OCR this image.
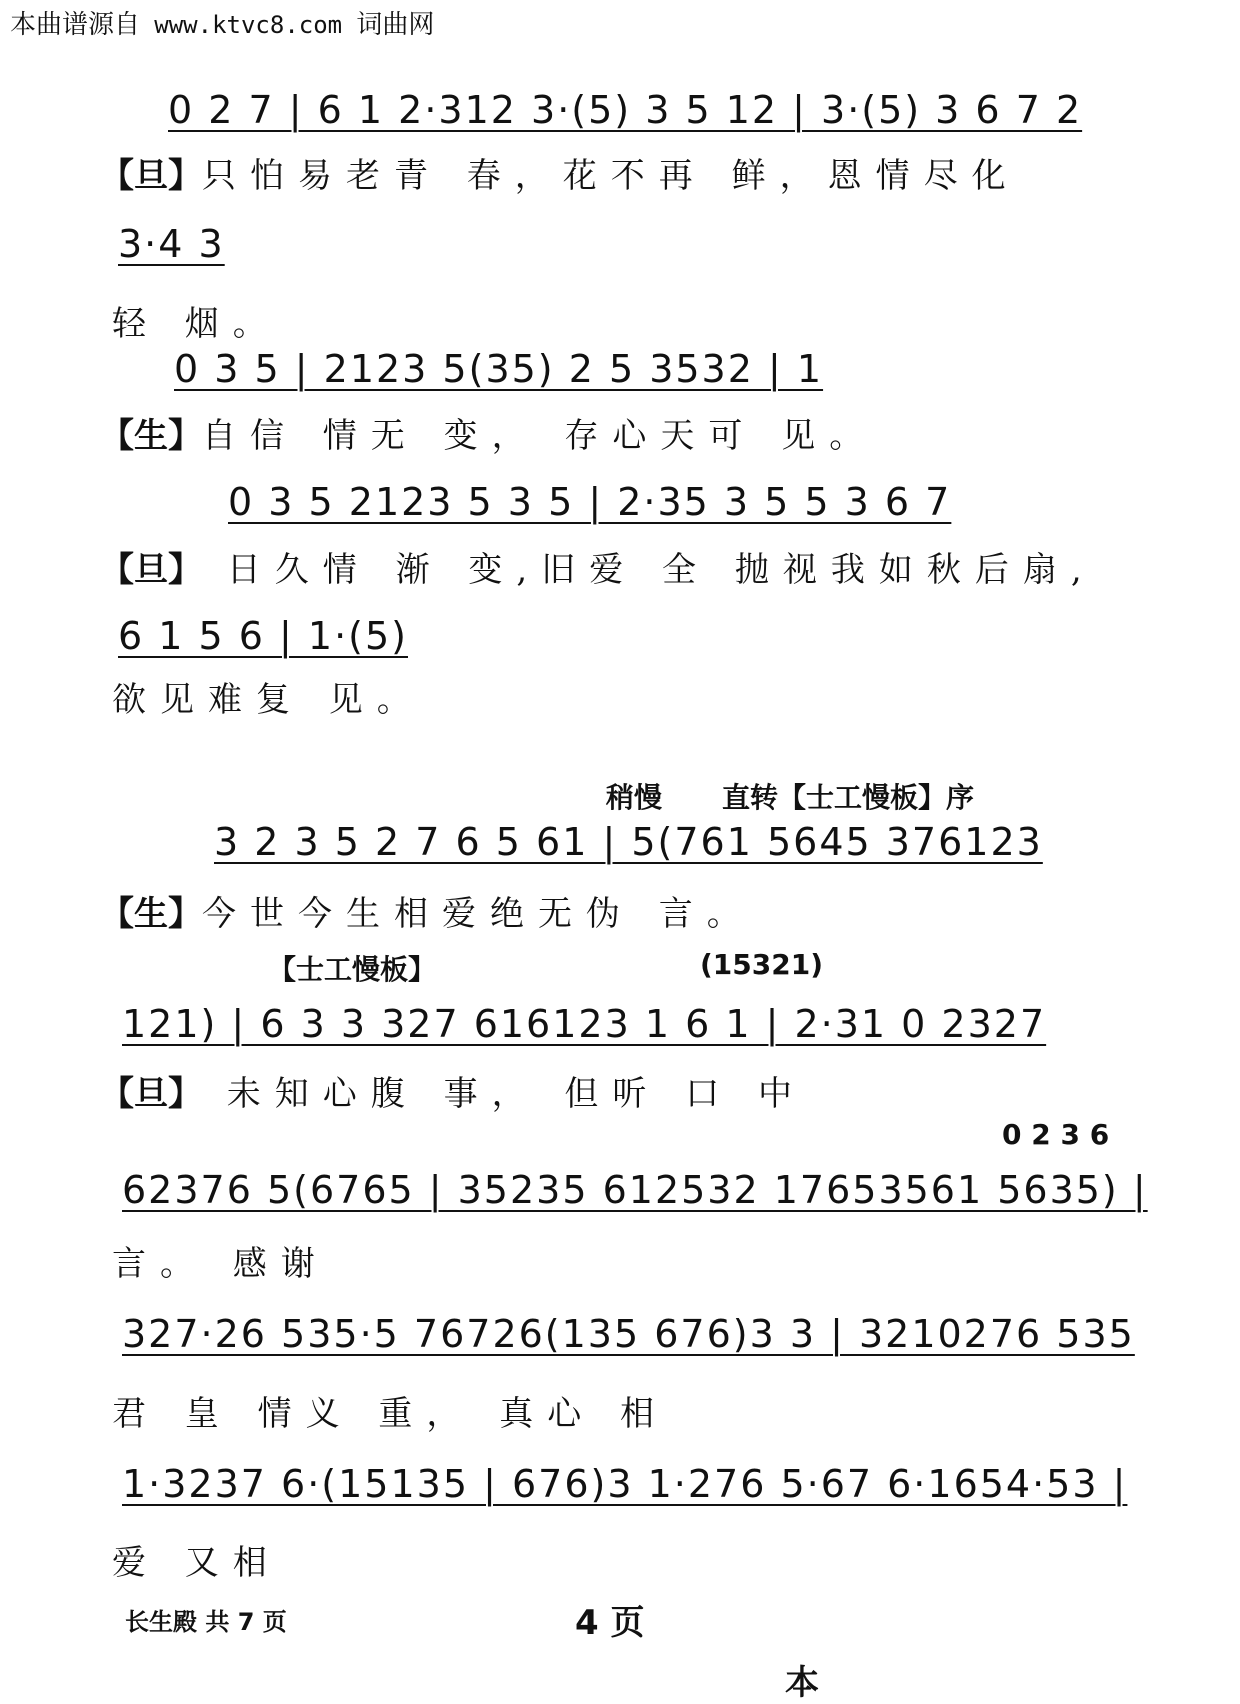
本曲谱源自 www.ktvc8.com 词曲网
0 2 7 | 6 1 2·312 3·(5) 3 5 12 | 3·(5) 3 6 7 2
【旦】只怕易老青 春，花不再 鲜，恩情尽化
3·4 3
轻 烟。
0 3 5 | 2123 5(35) 2 5 3532 | 1
【生】自信 情无 变， 存心天可 见。
0 3 5 2123 5 3 5 | 2·35 3 5 5 3 6 7
【旦】 日久情 渐 变,旧爱 全 抛视我如秋后扇,
6 1 5 6 | 1·(5)
欲见难复 见。
稍慢 直转【士工慢板】序
3 2 3 5 2 7 6 5 61 | 5(761 5645 376123
【生】今世今生相爱绝无伪 言。
【士工慢板】	(15321)
121) | 6 3 3 327 616123 1 6 1 | 2·31 0 2327
【旦】 未知心腹 事， 但听 口 中
0 2 3 6
62376 5(6765 | 35235 612532 17653561 5635) |
言。 感谢
327·26 535·5 76726(135 676)3 3 | 3210276 535
君 皇 情义 重， 真心 相
1·3237 6·(15135 | 676)3 1·276 5·67 6·1654·53 |
爱 又相
长生殿 共 7 页	4 页
本
